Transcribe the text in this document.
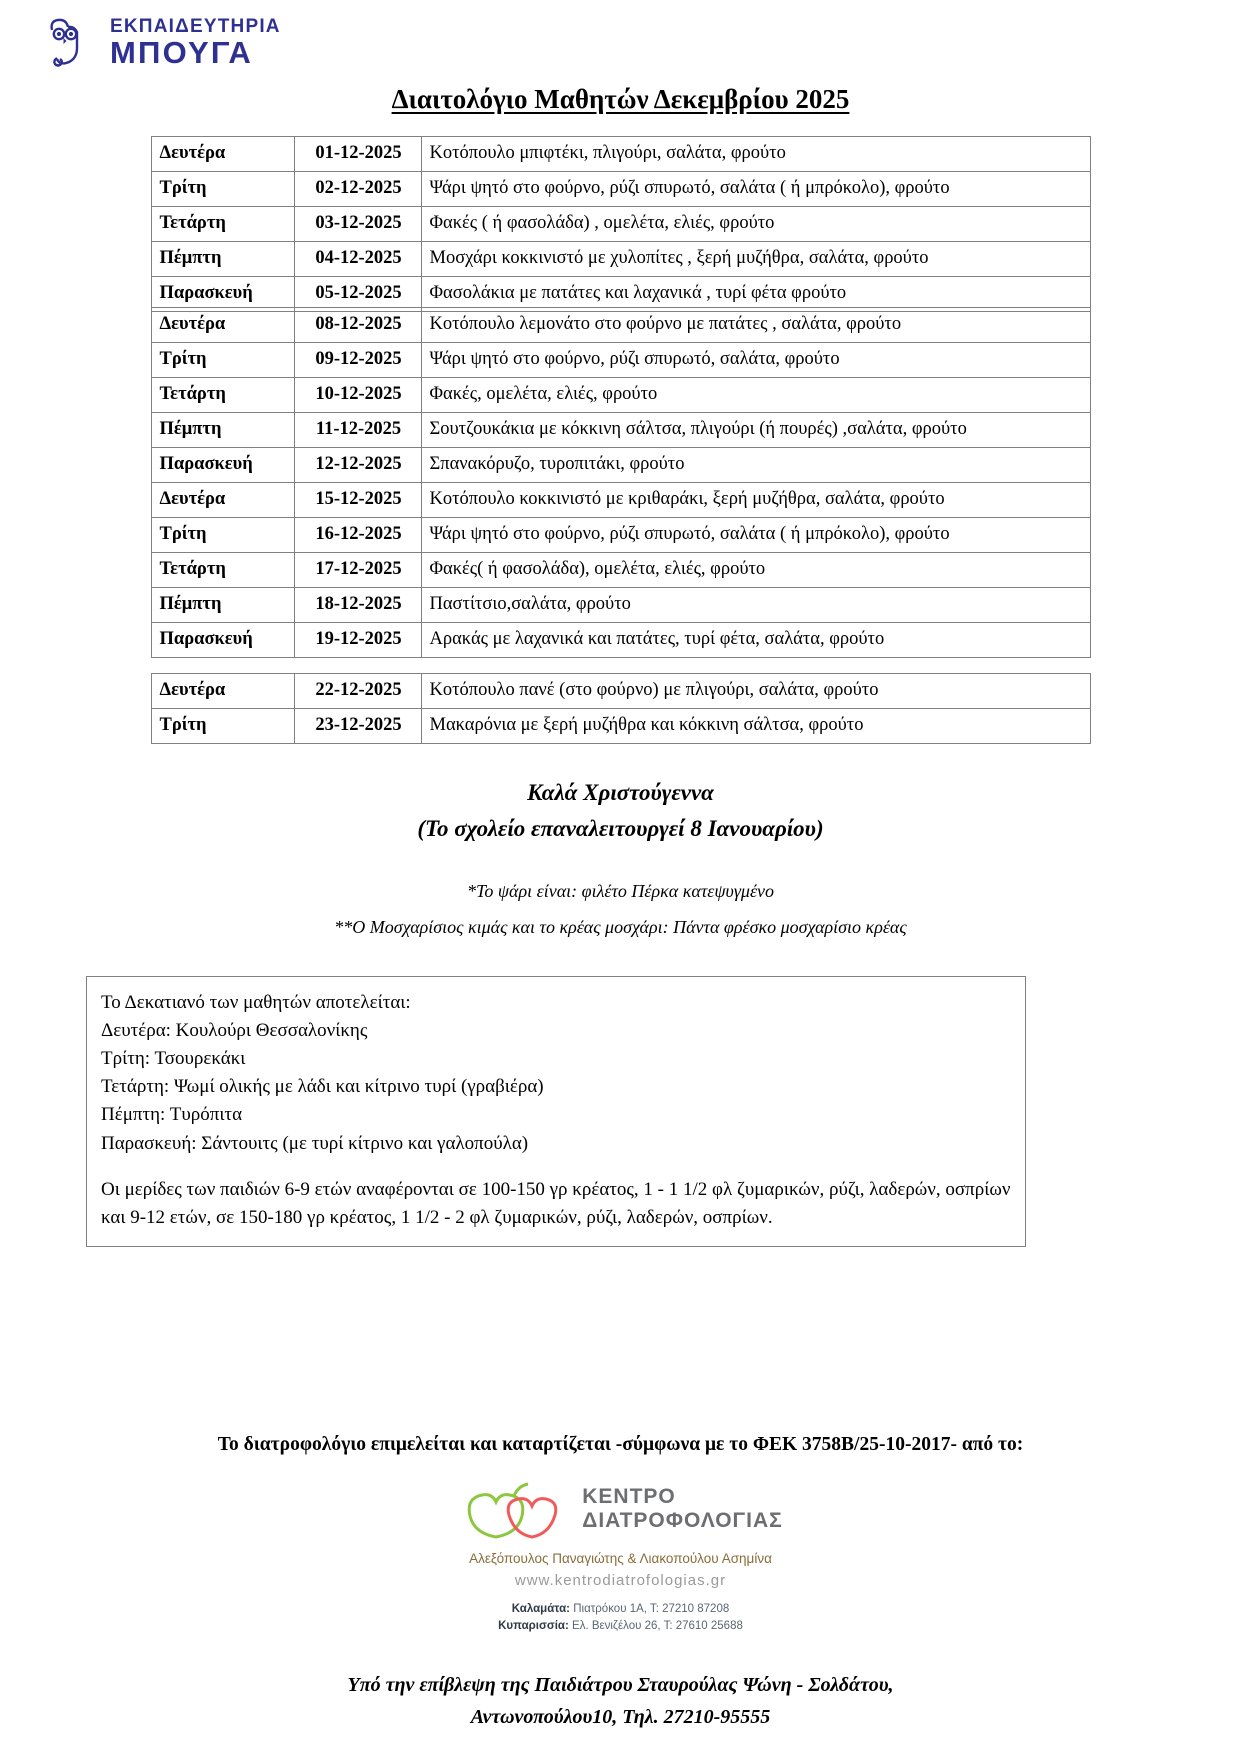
ΕΚΠΑΙΔΕΥΤΗΡΙΑ
ΜΠΟΥΓΑ
Διαιτολόγιο Μαθητών Δεκεμβρίου 2025
Δευτέρα	01-12-2025	Κοτόπουλο μπιφτέκι, πλιγούρι, σαλάτα, φρούτο
Τρίτη	02-12-2025	Ψάρι ψητό στο φούρνο, ρύζι σπυρωτό, σαλάτα ( ή μπρόκολο), φρούτο
Τετάρτη	03-12-2025	Φακές ( ή φασολάδα) , ομελέτα, ελιές, φρούτο
Πέμπτη	04-12-2025	Μοσχάρι κοκκινιστό με χυλοπίτες , ξερή μυζήθρα, σαλάτα, φρούτο
Παρασκευή	05-12-2025	Φασολάκια με πατάτες και λαχανικά , τυρί φέτα φρούτο
Δευτέρα	08-12-2025	Κοτόπουλο λεμονάτο στο φούρνο με πατάτες , σαλάτα, φρούτο
Τρίτη	09-12-2025	Ψάρι ψητό στο φούρνο, ρύζι σπυρωτό, σαλάτα, φρούτο
Τετάρτη	10-12-2025	Φακές, ομελέτα, ελιές, φρούτο
Πέμπτη	11-12-2025	Σουτζουκάκια με κόκκινη σάλτσα, πλιγούρι (ή πουρές) ,σαλάτα, φρούτο
Παρασκευή	12-12-2025	Σπανακόρυζο, τυροπιτάκι, φρούτο
Δευτέρα	15-12-2025	Κοτόπουλο κοκκινιστό με κριθαράκι, ξερή μυζήθρα, σαλάτα, φρούτο
Τρίτη	16-12-2025	Ψάρι ψητό στο φούρνο, ρύζι σπυρωτό, σαλάτα ( ή μπρόκολο), φρούτο
Τετάρτη	17-12-2025	Φακές( ή φασολάδα), ομελέτα, ελιές, φρούτο
Πέμπτη	18-12-2025	Παστίτσιο,σαλάτα, φρούτο
Παρασκευή	19-12-2025	Αρακάς με λαχανικά και πατάτες, τυρί φέτα, σαλάτα, φρούτο
Δευτέρα	22-12-2025	Κοτόπουλο πανέ (στο φούρνο) με πλιγούρι, σαλάτα, φρούτο
Τρίτη	23-12-2025	Μακαρόνια με ξερή μυζήθρα και κόκκινη σάλτσα, φρούτο
Καλά Χριστούγεννα
(Το σχολείο επαναλειτουργεί 8 Ιανουαρίου)
*Το ψάρι είναι: φιλέτο Πέρκα κατεψυγμένο
**Ο Μοσχαρίσιος κιμάς και το κρέας μοσχάρι: Πάντα φρέσκο μοσχαρίσιο κρέας

Το Δεκατιανό των μαθητών αποτελείται:

Δευτέρα: Κουλούρι Θεσσαλονίκης

Τρίτη: Τσουρεκάκι

Τετάρτη: Ψωμί ολικής με λάδι και κίτρινο τυρί (γραβιέρα)

Πέμπτη: Τυρόπιτα

Παρασκευή: Σάντουιτς (με τυρί κίτρινο και γαλοπούλα)

Οι μερίδες των παιδιών 6-9 ετών αναφέρονται σε 100-150 γρ κρέατος, 1 - 1 1/2 φλ ζυμαρικών, ρύζι, λαδερών, οσπρίων και 9-12 ετών, σε 150-180 γρ κρέατος, 1 1/2 - 2 φλ ζυμαρικών, ρύζι, λαδερών, οσπρίων.

Το διατροφολόγιο επιμελείται και καταρτίζεται -σύμφωνα με το ΦΕΚ 3758Β/25-10-2017- από το:
ΚΕΝΤΡΟ
ΔΙΑΤΡΟΦΟΛΟΓΙΑΣ
Αλεξόπουλος Παναγιώτης & Λιακοπούλου Ασημίνα
www.kentrodiatrofologias.gr
Καλαμάτα: Πιατρόκου 1Α, Τ: 27210 87208
Κυπαρισσία: Ελ. Βενιζέλου 26, Τ: 27610 25688
Υπό την επίβλεψη της Παιδιάτρου Σταυρούλας Ψώνη - Σολδάτου,
Αντωνοπούλου10, Τηλ. 27210-95555
